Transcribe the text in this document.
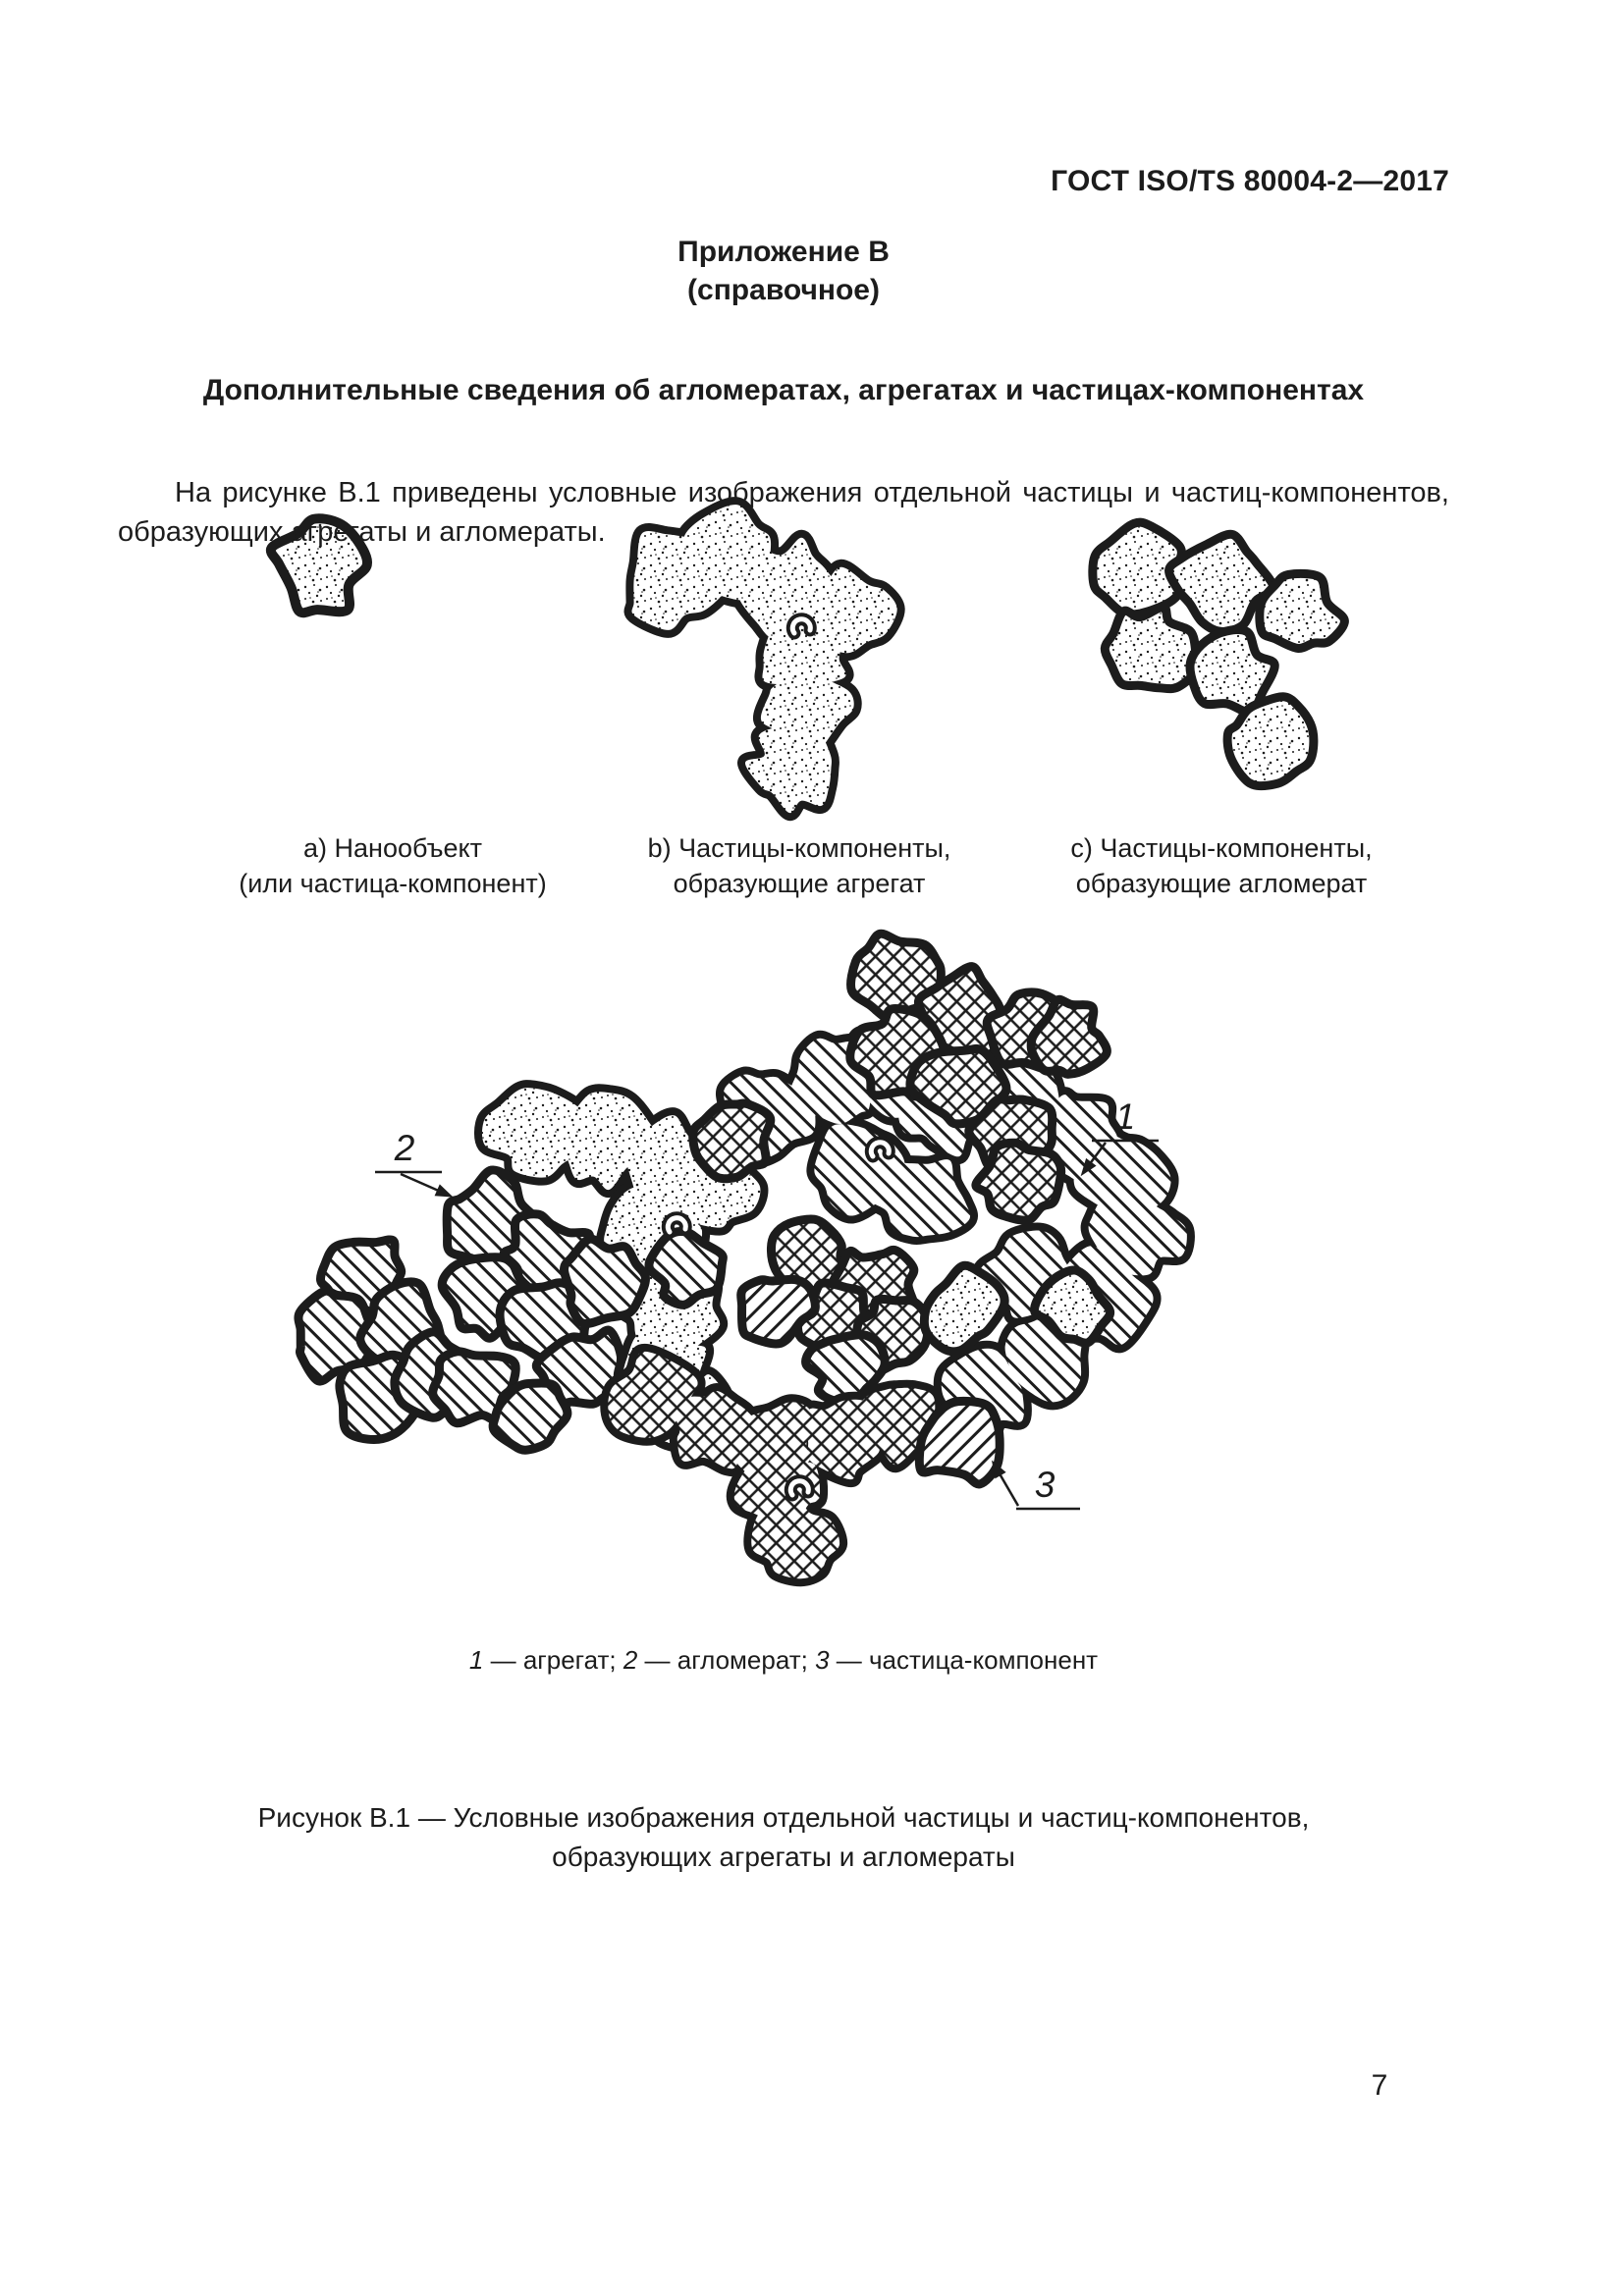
1
2
3
ГОСТ ISO/TS 80004-2—2017
Приложение В
(справочное)
Дополнительные сведения об агломератах, агрегатах и частицах-компонентах
На рисунке В.1 приведены условные изображения отдельной частицы и частиц-компонентов, образующих агрегаты и агломераты.
a) Нанообъект
(или частица-компонент)
b) Частицы-компоненты,
образующие агрегат
c) Частицы-компоненты,
образующие агломерат
1 — агрегат; 2 — агломерат; 3 — частица-компонент
Рисунок В.1 — Условные изображения отдельной частицы и частиц-компонентов,
образующих агрегаты и агломераты
7
